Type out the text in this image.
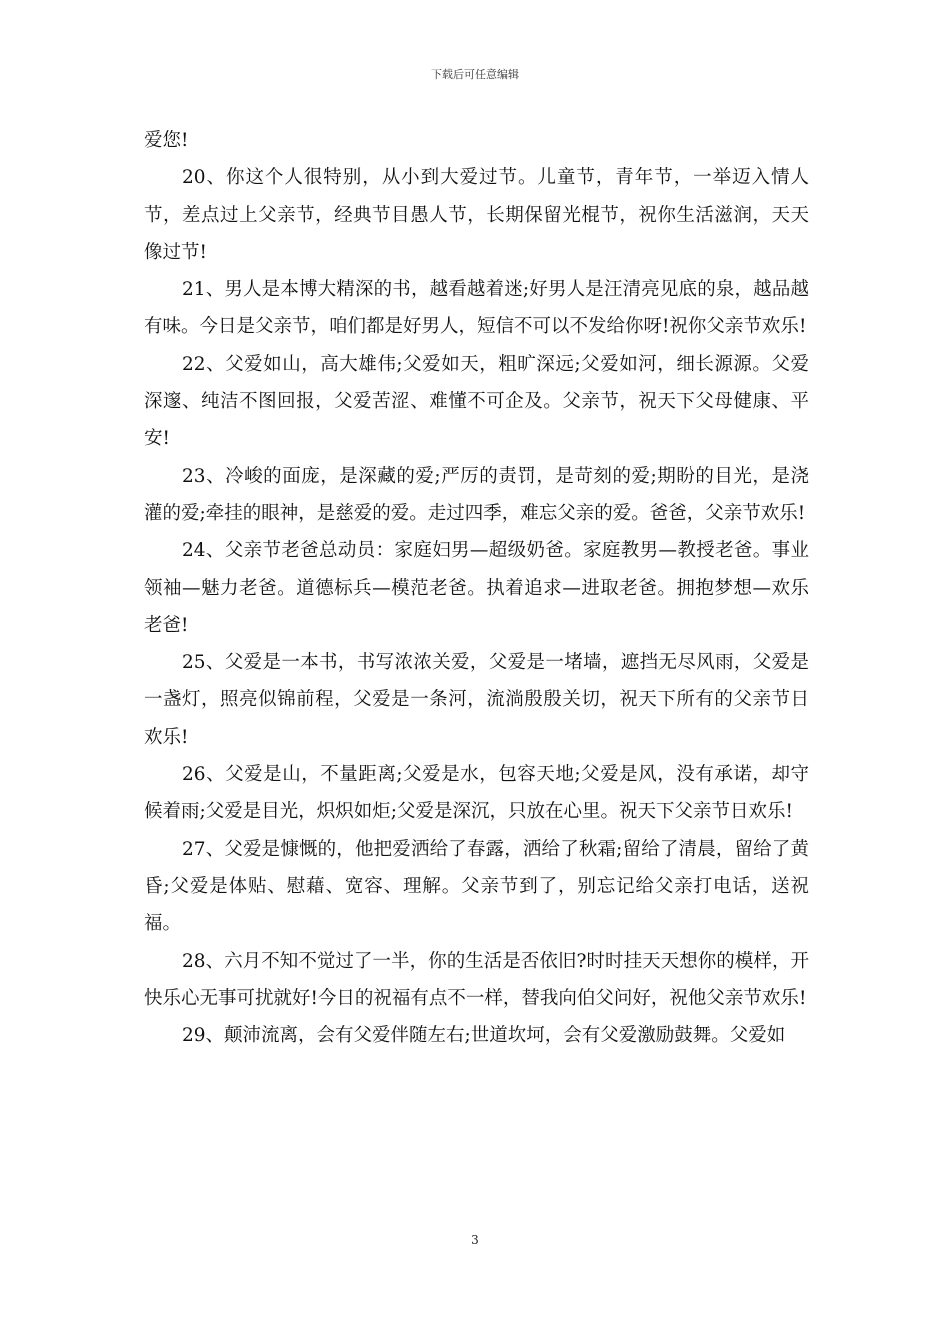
下载后可任意编辑

爱您!

20、你这个人很特别，从小到大爱过节。儿童节，青年节，一举迈入情人节，差点过上父亲节，经典节目愚人节，长期保留光棍节，祝你生活滋润，天天像过节!

21、男人是本博大精深的书，越看越着迷;好男人是汪清亮见底的泉，越品越有味。今日是父亲节，咱们都是好男人，短信不可以不发给你呀!祝你父亲节欢乐!

22、父爱如山，高大雄伟;父爱如天，粗旷深远;父爱如河，细长源源。父爱深邃、纯洁不图回报，父爱苦涩、难懂不可企及。父亲节，祝天下父母健康、平安!

23、冷峻的面庞，是深藏的爱;严厉的责罚，是苛刻的爱;期盼的目光，是浇灌的爱;牵挂的眼神，是慈爱的爱。走过四季，难忘父亲的爱。爸爸，父亲节欢乐!

24、父亲节老爸总动员：家庭妇男—超级奶爸。家庭教男—教授老爸。事业领袖—魅力老爸。道德标兵—模范老爸。执着追求—进取老爸。拥抱梦想—欢乐老爸!

25、父爱是一本书，书写浓浓关爱，父爱是一堵墙，遮挡无尽风雨，父爱是一盏灯，照亮似锦前程，父爱是一条河，流淌殷殷关切，祝天下所有的父亲节日欢乐!

26、父爱是山，不量距离;父爱是水，包容天地;父爱是风，没有承诺，却守候着雨;父爱是目光，炽炽如炬;父爱是深沉，只放在心里。祝天下父亲节日欢乐!

27、父爱是慷慨的，他把爱洒给了春露，洒给了秋霜;留给了清晨，留给了黄昏;父爱是体贴、慰藉、宽容、理解。父亲节到了，别忘记给父亲打电话，送祝福。

28、六月不知不觉过了一半，你的生活是否依旧?时时挂天天想你的模样，开快乐心无事可扰就好!今日的祝福有点不一样，替我向伯父问好，祝他父亲节欢乐!

29、颠沛流离，会有父爱伴随左右;世道坎坷，会有父爱激励鼓舞。父爱如

3
